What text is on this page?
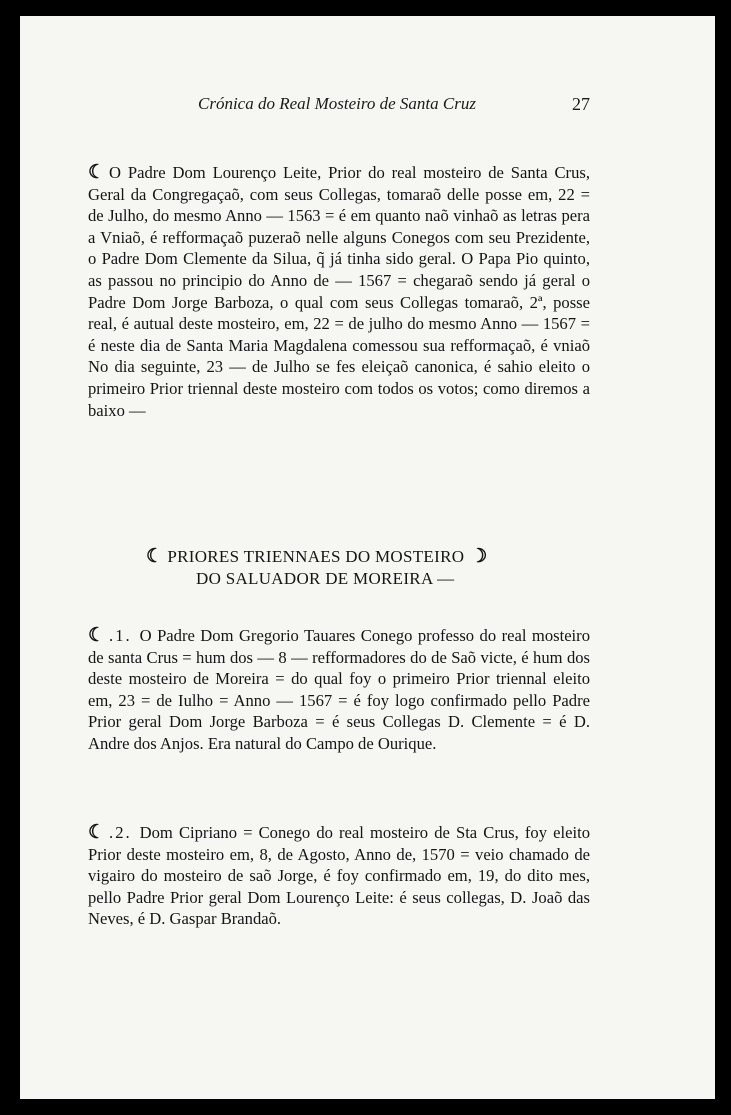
Crónica do Real Mosteiro de Santa Cruz	27

☾ O Padre Dom Lourenço Leite, Prior do real mosteiro de Santa Crus, Geral da Congregaçaõ, com seus Collegas, tomaraõ delle posse em, 22 = de Julho, do mesmo Anno — 1563 = é em quanto naõ vinhaõ as letras pera a Vniaõ, é refformaçaõ puzeraõ nelle alguns Conegos com seu Prezidente, o Padre Dom Clemente da Silua, q̃ já tinha sido geral. O Papa Pio quinto, as passou no principio do Anno de — 1567 = chegaraõ sendo já geral o Padre Dom Jorge Barboza, o qual com seus Collegas tomaraõ, 2ª, posse real, é autual deste mosteiro, em, 22 = de julho do mesmo Anno — 1567 = é neste dia de Santa Maria Magdalena comessou sua refformaçaõ, é vniaõ No dia seguinte, 23 — de Julho se fes eleiçaõ canonica, é sahio eleito o primeiro Prior triennal deste mosteiro com todos os votos; como diremos a baixo —

☾ PRIORES TRIENNAES DO MOSTEIRO ☽
DO SALUADOR DE MOREIRA —

☾ .1. O Padre Dom Gregorio Tauares Conego professo do real mosteiro de santa Crus = hum dos — 8 — refformadores do de Saõ victe, é hum dos deste mosteiro de Moreira = do qual foy o primeiro Prior triennal eleito em, 23 = de Iulho = Anno — 1567 = é foy logo confirmado pello Padre Prior geral Dom Jorge Barboza = é seus Collegas D. Clemente = é D. Andre dos Anjos. Era natural do Campo de Ourique.

☾ .2. Dom Cipriano = Conego do real mosteiro de Sta Crus, foy eleito Prior deste mosteiro em, 8, de Agosto, Anno de, 1570 = veio chamado de vigairo do mosteiro de saõ Jorge, é foy confirmado em, 19, do dito mes, pello Padre Prior geral Dom Lourenço Leite: é seus collegas, D. Joaõ das Neves, é D. Gaspar Brandaõ.
